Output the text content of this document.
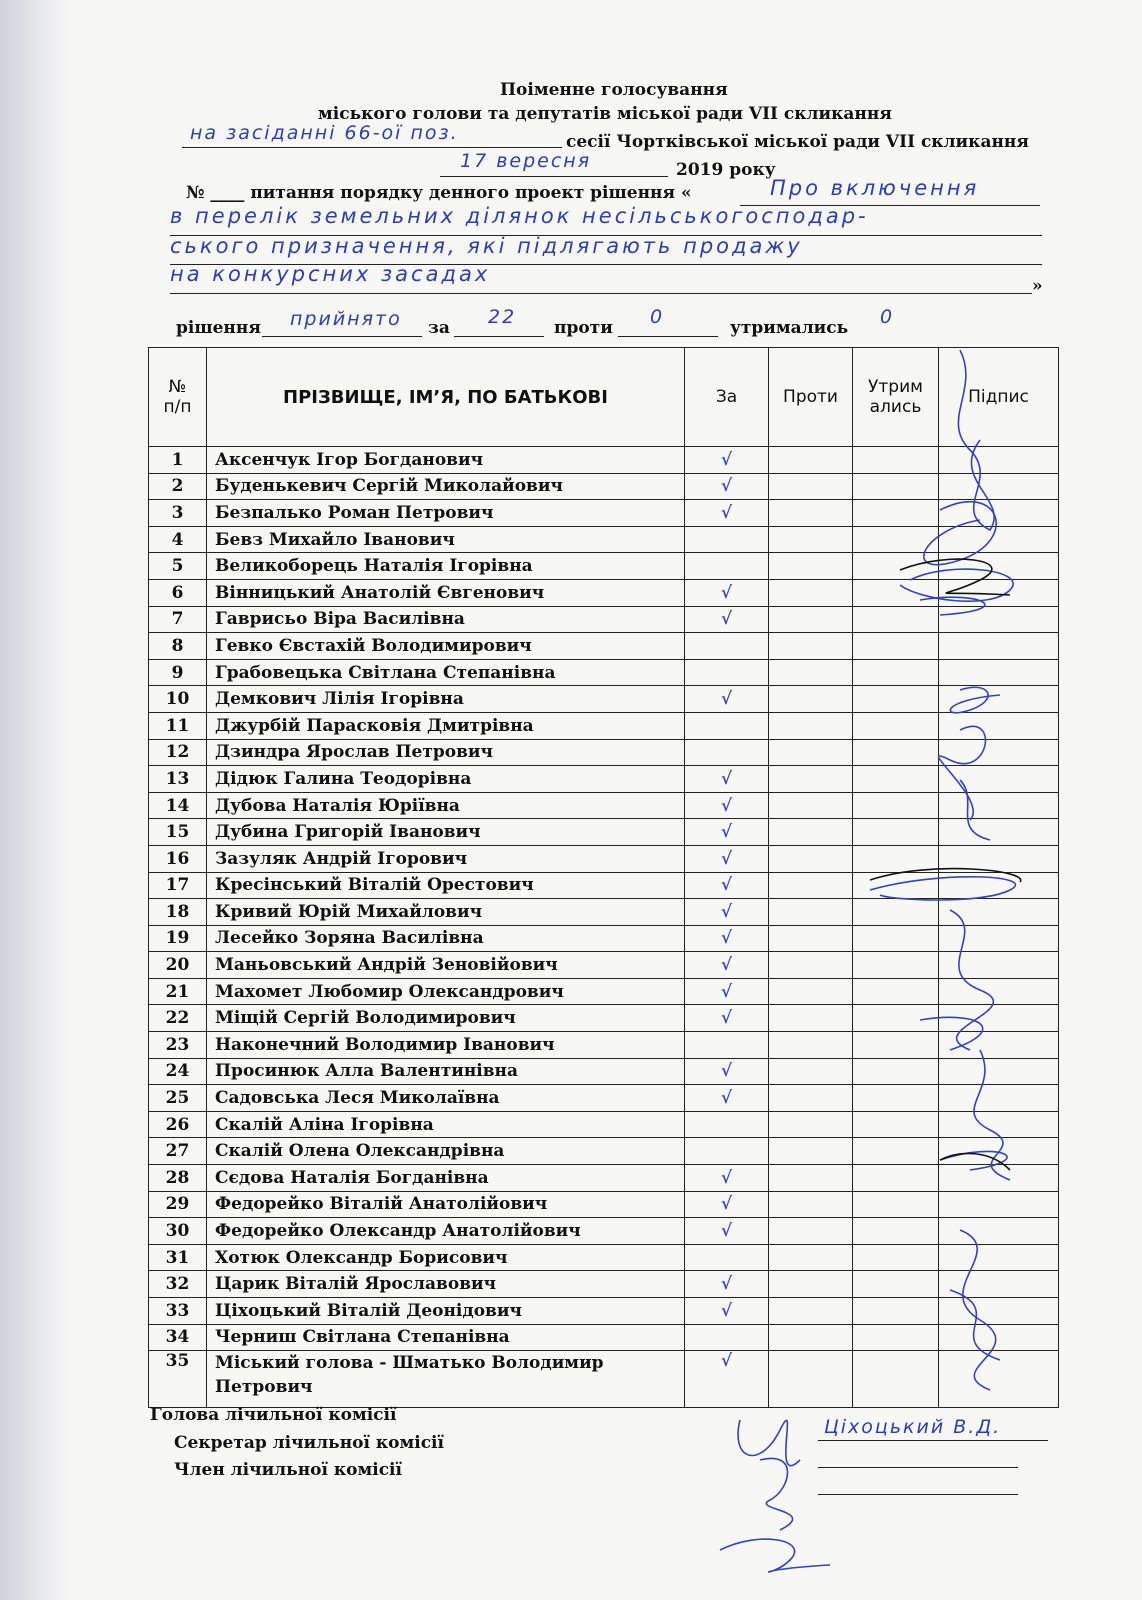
Поіменне голосування
міського голови та депутатів міської ради VII скликання
на засіданні 66-ої поз.	сесії Чортківської міської ради VII скликання
17 вересня	2019 року
№ ____ питання порядку денного проект рішення «	Про включення
в перелік земельних ділянок несільськогосподар-
ського призначення, які підлягають продажу
на конкурсних засадах	»
рішення прийнято за 22 проти 0	утримались 0
№ п/п	ПРІЗВИЩЕ, ІМ’Я, ПО БАТЬКОВІ	За	Проти	Утримались	Підпис
1	Аксенчук Ігор Богданович	√			
2	Буденькевич Сергій Миколайович	√			
3	Безпалько Роман Петрович	√			
4	Бевз Михайло Іванович				
5	Великоборець Наталія Ігорівна				
6	Вінницький Анатолій Євгенович	√			
7	Гаврисьо Віра Василівна	√			
8	Гевко Євстахій Володимирович				
9	Грабовецька Світлана Степанівна				
10	Демкович Лілія Ігорівна	√			
11	Джурбій Парасковія Дмитрівна				
12	Дзиндра Ярослав Петрович				
13	Дідюк Галина Теодорівна	√			
14	Дубова Наталія Юріївна	√			
15	Дубина Григорій Іванович	√			
16	Зазуляк Андрій Ігорович	√			
17	Кресінський Віталій Орестович	√			
18	Кривий Юрій Михайлович	√			
19	Лесейко Зоряна Василівна	√			
20	Маньовський Андрій Зеновійович	√			
21	Махомет Любомир Олександрович	√			
22	Міщій Сергій Володимирович	√			
23	Наконечний Володимир Іванович				
24	Просинюк Алла Валентинівна	√			
25	Садовська Леся Миколаївна	√			
26	Скалій Аліна Ігорівна				
27	Скалій Олена Олександрівна				
28	Сєдова Наталія Богданівна	√			
29	Федорейко Віталій Анатолійович	√			
30	Федорейко Олександр Анатолійович	√			
31	Хотюк Олександр Борисович				
32	Царик Віталій Ярославович	√			
33	Ціхоцький Віталій Деонідович	√			
34	Черниш Світлана Степанівна				
35	Міський голова - Шматько Володимир Петрович	√			
Голова лічильної комісії
Секретар лічильної комісії
Член лічильної комісії
Ціхоцький В.Д.
